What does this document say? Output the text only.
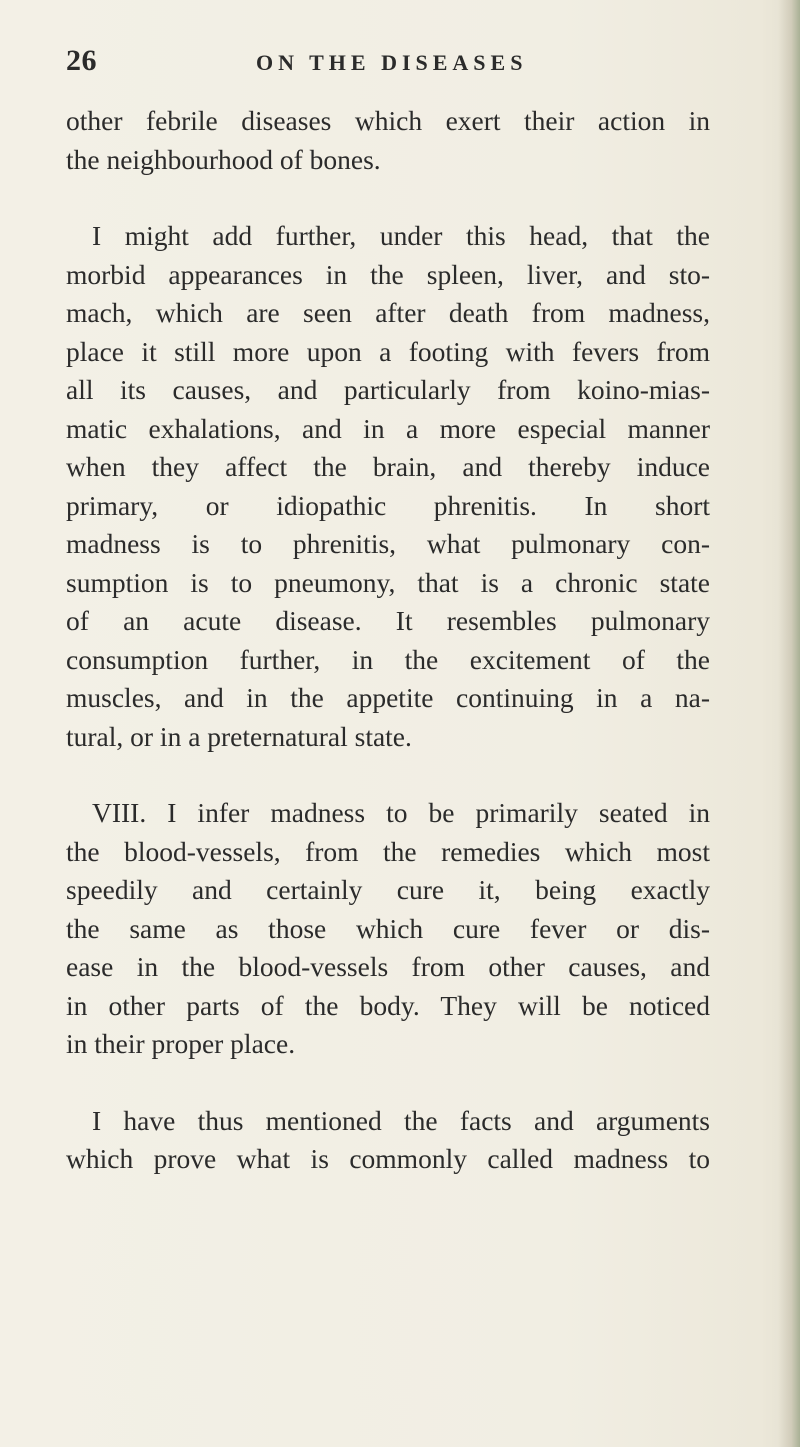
26	ON THE DISEASES
other febrile diseases which exert their action in
the neighbourhood of bones.
I might add further, under this head, that the
morbid appearances in the spleen, liver, and sto-
mach, which are seen after death from madness,
place it still more upon a footing with fevers from
all its causes, and particularly from koino-mias-
matic exhalations, and in a more especial manner
when they affect the brain, and thereby induce
primary, or idiopathic phrenitis. In short
madness is to phrenitis, what pulmonary con-
sumption is to pneumony, that is a chronic state
of an acute disease. It resembles pulmonary
consumption further, in the excitement of the
muscles, and in the appetite continuing in a na-
tural, or in a preternatural state.
VIII. I infer madness to be primarily seated in
the blood-vessels, from the remedies which most
speedily and certainly cure it, being exactly
the same as those which cure fever or dis-
ease in the blood-vessels from other causes, and
in other parts of the body. They will be noticed
in their proper place.
I have thus mentioned the facts and arguments
which prove what is commonly called madness to
